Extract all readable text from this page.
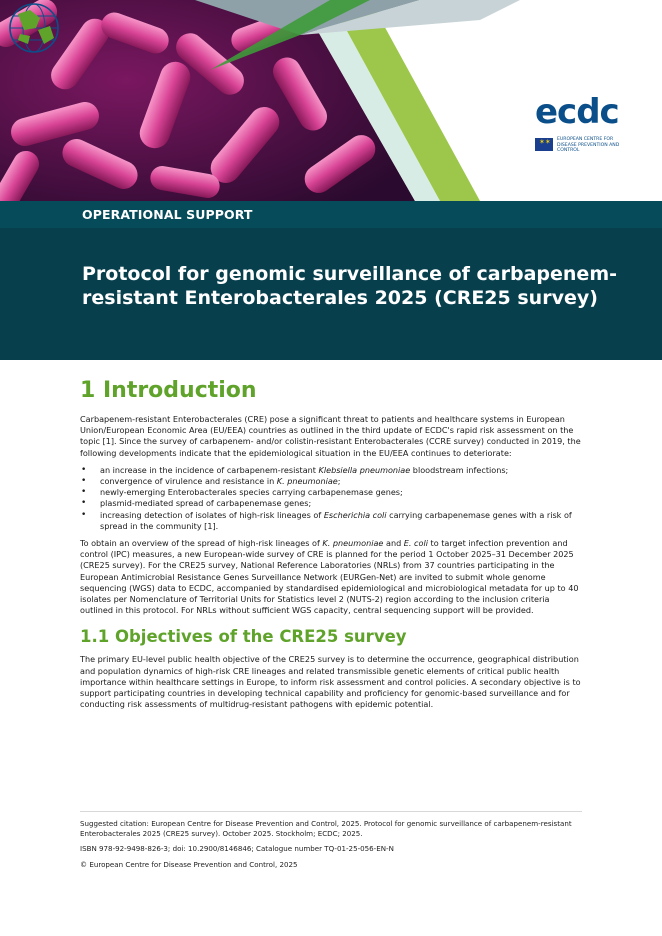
ecdc
✶✶ EUROPEAN CENTRE FOR DISEASE PREVENTION AND CONTROL
OPERATIONAL SUPPORT
Protocol for genomic surveillance of carbapenem-resistant Enterobacterales 2025 (CRE25 survey)
1 Introduction

Carbapenem-resistant Enterobacterales (CRE) pose a significant threat to patients and healthcare systems in European Union/European Economic Area (EU/EEA) countries as outlined in the third update of ECDC's rapid risk assessment on the topic [1]. Since the survey of carbapenem- and/or colistin-resistant Enterobacterales (CCRE survey) conducted in 2019, the following developments indicate that the epidemiological situation in the EU/EEA continues to deteriorate:

• an increase in the incidence of carbapenem-resistant Klebsiella pneumoniae bloodstream infections;
• convergence of virulence and resistance in K. pneumoniae;
• newly-emerging Enterobacterales species carrying carbapenemase genes;
• plasmid-mediated spread of carbapenemase genes;
• increasing detection of isolates of high-risk lineages of Escherichia coli carrying carbapenemase genes with a risk of spread in the community [1].

To obtain an overview of the spread of high-risk lineages of K. pneumoniae and E. coli to target infection prevention and control (IPC) measures, a new European-wide survey of CRE is planned for the period 1 October 2025–31 December 2025 (CRE25 survey). For the CRE25 survey, National Reference Laboratories (NRLs) from 37 countries participating in the European Antimicrobial Resistance Genes Surveillance Network (EURGen-Net) are invited to submit whole genome sequencing (WGS) data to ECDC, accompanied by standardised epidemiological and microbiological metadata for up to 40 isolates per Nomenclature of Territorial Units for Statistics level 2 (NUTS-2) region according to the inclusion criteria outlined in this protocol. For NRLs without sufficient WGS capacity, central sequencing support will be provided.

1.1 Objectives of the CRE25 survey

The primary EU-level public health objective of the CRE25 survey is to determine the occurrence, geographical distribution and population dynamics of high-risk CRE lineages and related transmissible genetic elements of critical public health importance within healthcare settings in Europe, to inform risk assessment and control policies. A secondary objective is to support participating countries in developing technical capability and proficiency for genomic-based surveillance and for conducting risk assessments of multidrug-resistant pathogens with epidemic potential.

Suggested citation: European Centre for Disease Prevention and Control, 2025. Protocol for genomic surveillance of carbapenem-resistant Enterobacterales 2025 (CRE25 survey). October 2025. Stockholm; ECDC; 2025.

ISBN 978-92-9498-826-3; doi: 10.2900/8146846; Catalogue number TQ-01-25-056-EN-N

© European Centre for Disease Prevention and Control, 2025
